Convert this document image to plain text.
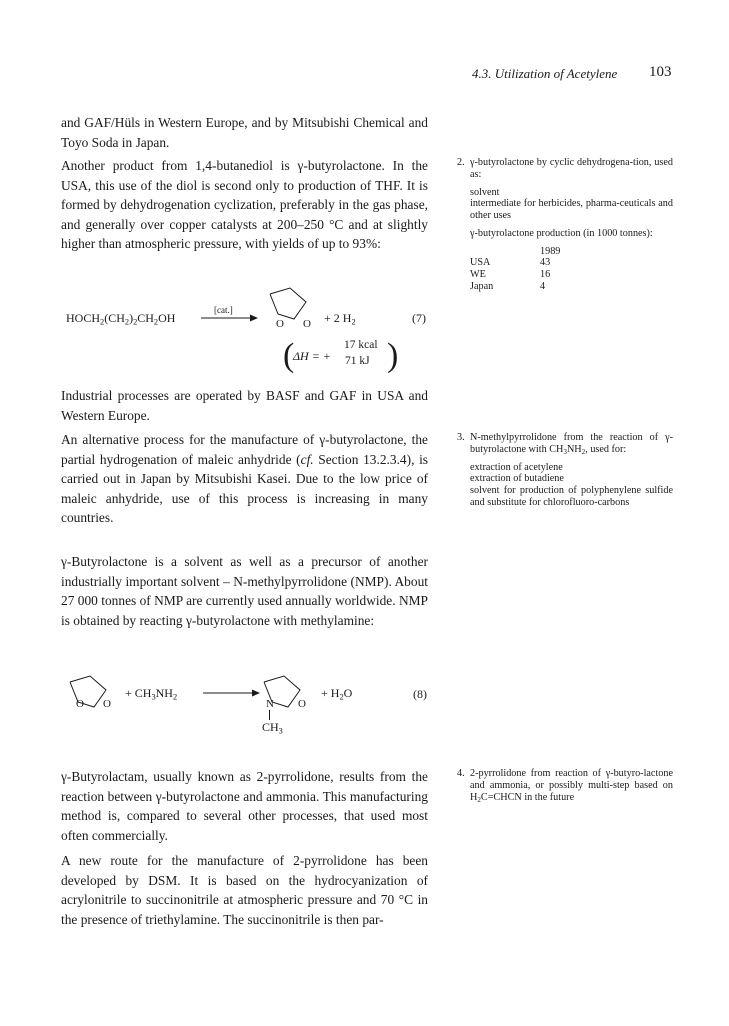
4.3. Utilization of Acetylene 103

and GAF/Hüls in Western Europe, and by Mitsubishi Chemical and Toyo Soda in Japan.

Another product from 1,4-butanediol is γ-butyrolactone. In the USA, this use of the diol is second only to production of THF. It is formed by dehydrogenation cyclization, preferably in the gas phase, and generally over copper catalysts at 200–250 °C and at slightly higher than atmospheric pressure, with yields of up to 93%:

Industrial processes are operated by BASF and GAF in USA and Western Europe.

An alternative process for the manufacture of γ-butyrolactone, the partial hydrogenation of maleic anhydride (cf. Section 13.2.3.4), is carried out in Japan by Mitsubishi Kasei. Due to the low price of maleic anhydride, use of this process is increasing in many countries.

γ-Butyrolactone is a solvent as well as a precursor of another industrially important solvent – N-methylpyrrolidone (NMP). About 27 000 tonnes of NMP are currently used annually worldwide. NMP is obtained by reacting γ-butyrolactone with methylamine:

γ-Butyrolactam, usually known as 2-pyrrolidone, results from the reaction between γ-butyrolactone and ammonia. This manufacturing method is, compared to several other processes, that used most often commercially.

A new route for the manufacture of 2-pyrrolidone has been developed by DSM. It is based on the hydrocyanization of acrylonitrile to succinonitrile at atmospheric pressure and 70 °C in the presence of triethylamine. The succinonitrile is then par-

$HOCH_2(CH_2)_2CH_2OH$
[cat.]
→ O O + 2 $H_2$	(7)
(
ΔH = +
17 kcal
71 kJ )
O O
+ $CH_3NH_2$
N O
$CH_3$
+ $H_2O$	(8)
2. γ-butyrolactone by cyclic dehydrogena-tion, used as:
solvent
intermediate for herbicides, pharma-ceuticals and other uses
γ-butyrolactone production (in 1000 tonnes):
	1989
USA	43
WE	16
Japan	4
3. N-methylpyrrolidone from the reaction of γ-butyrolactone with $CH_3NH_2$, used for:
extraction of acetylene
extraction of butadiene
solvent for production of polyphenylene sulfide and substitute for chlorofluoro-carbons
4. 2-pyrrolidone from reaction of γ-butyro-lactone and ammonia, or possibly multi-step based on $H_2C=CHCN$ in the future
